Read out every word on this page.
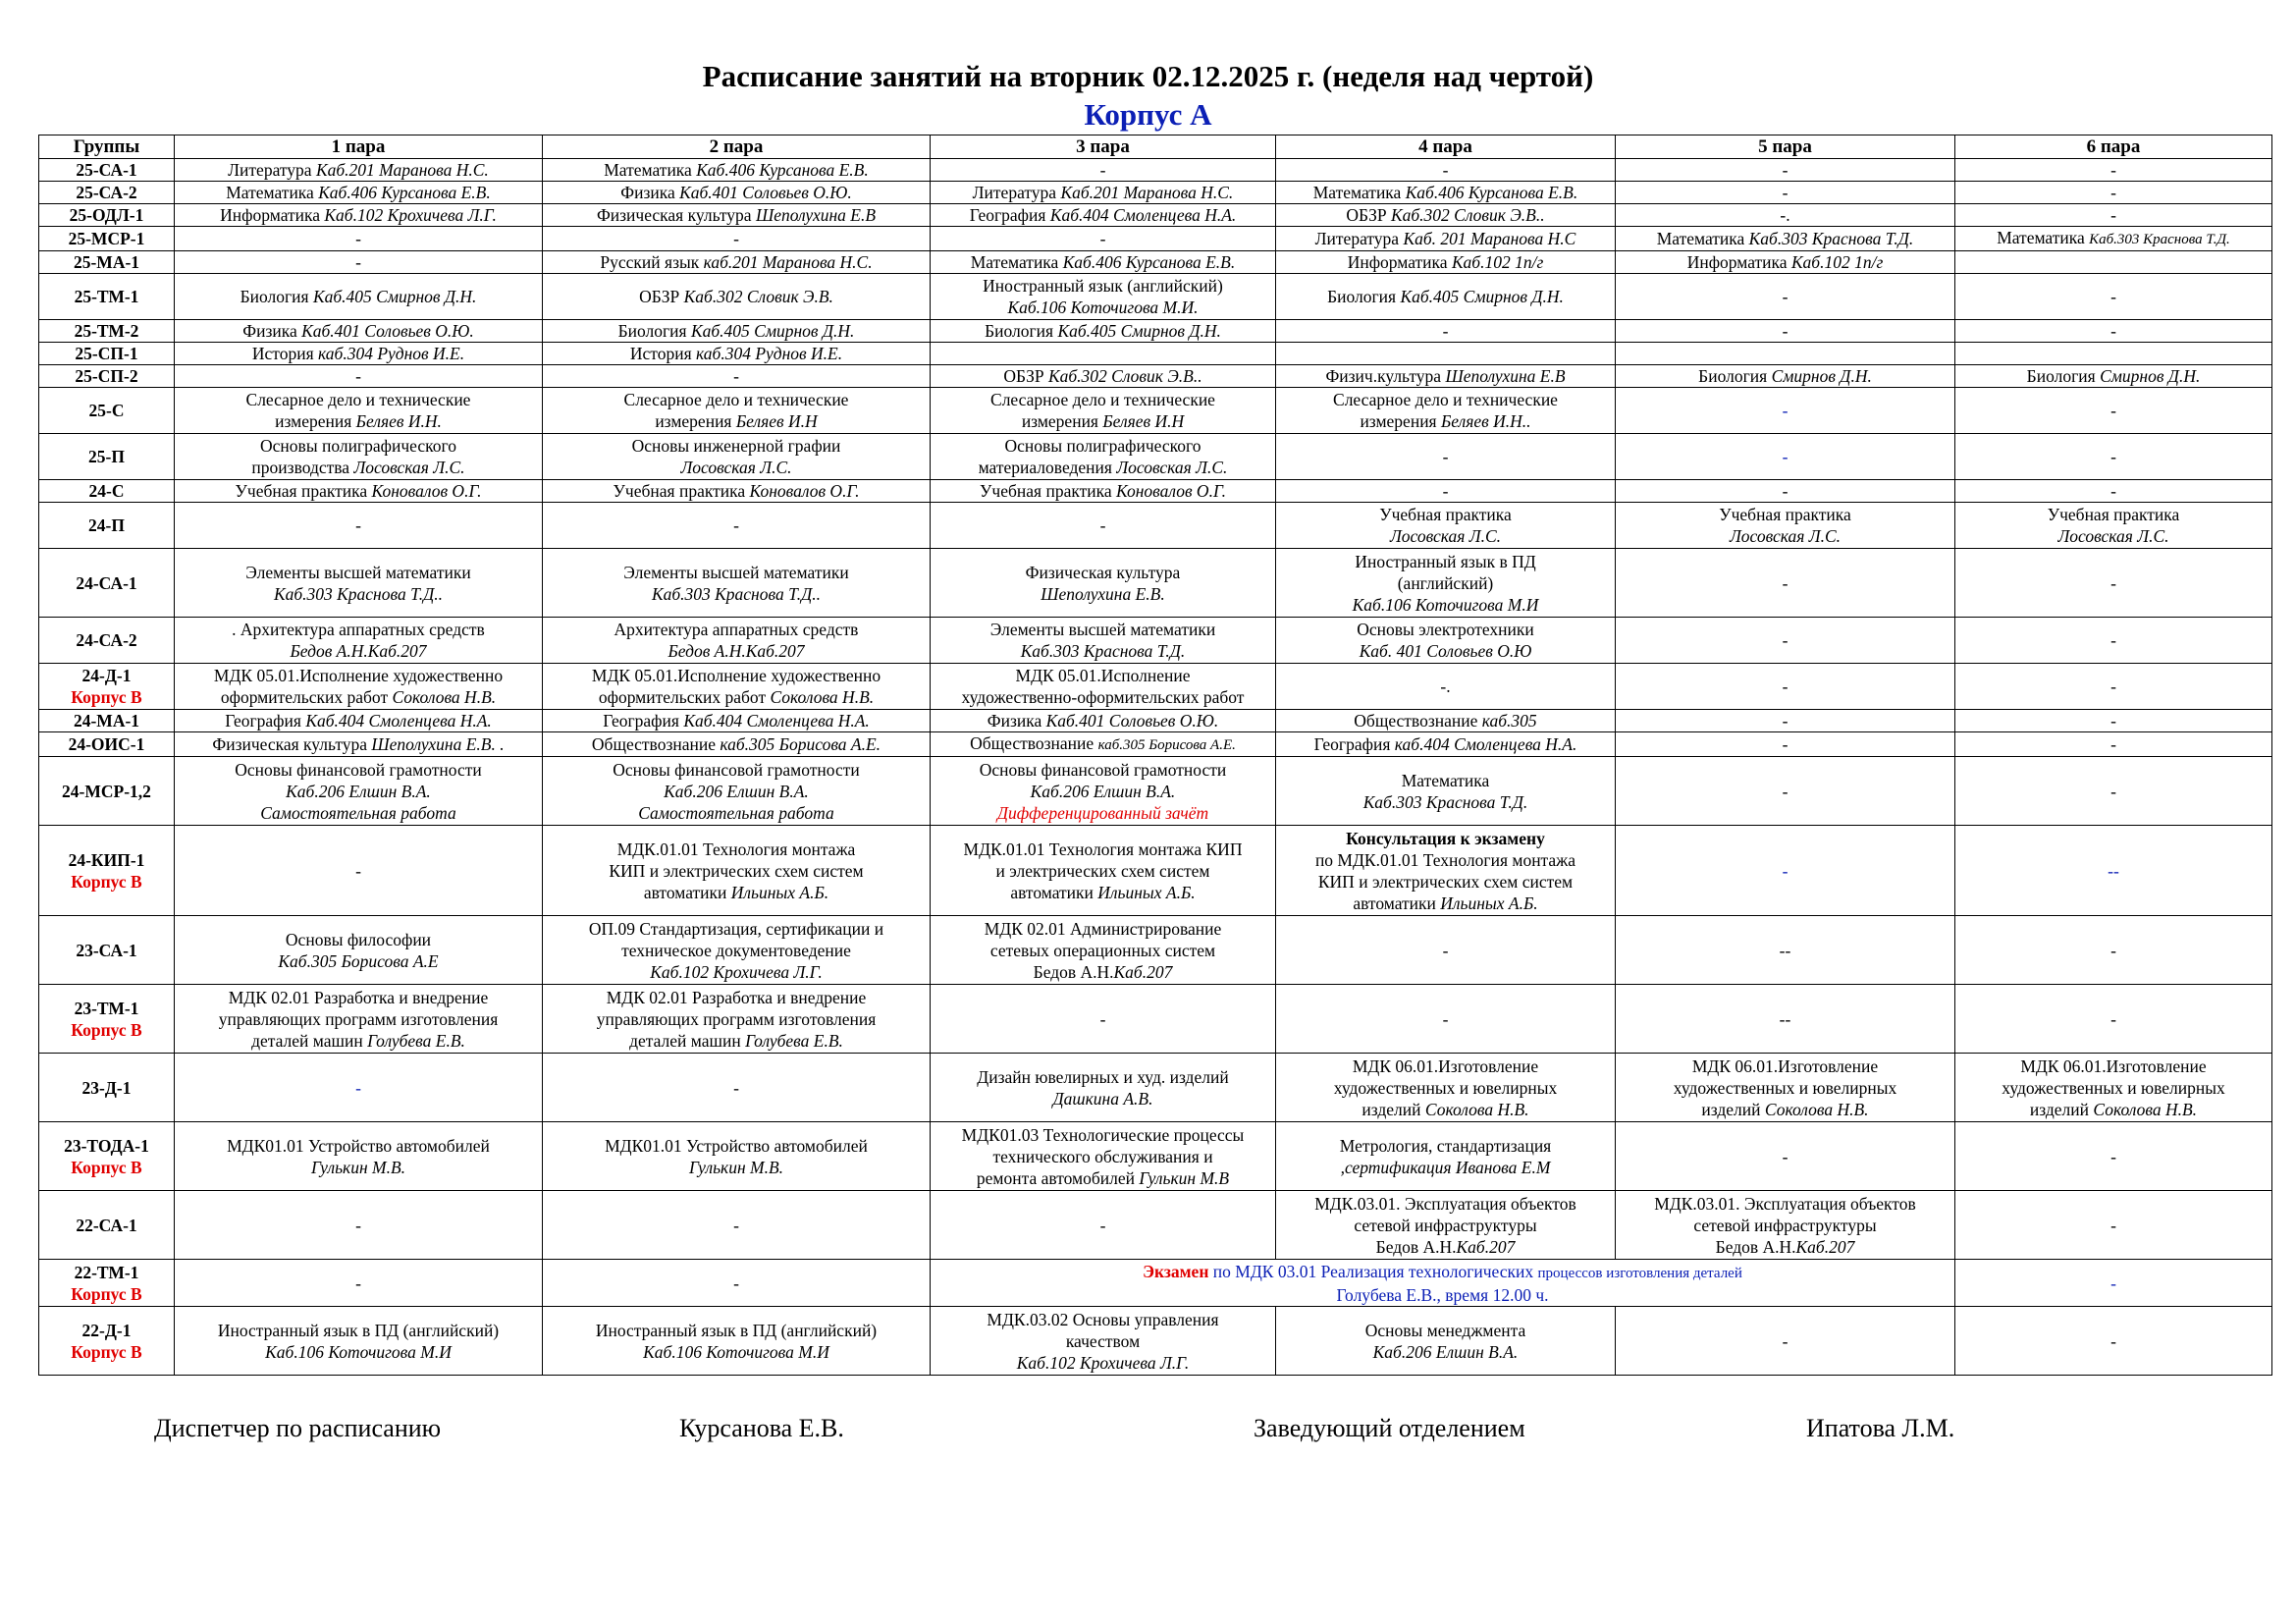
Расписание занятий на вторник 02.12.2025 г. (неделя над чертой)
Корпус А
Группы	1 пара	2 пара	3 пара	4 пара	5 пара	6 пара

25-СА-1	Литература Каб.201 Маранова Н.С.	Математика Каб.406 Курсанова Е.В.	-	-	-	-

25-СА-2	Математика Каб.406 Курсанова Е.В.	Физика Каб.401 Соловьев О.Ю.	Литература Каб.201 Маранова Н.С.	Математика Каб.406 Курсанова Е.В.	-	-

25-ОДЛ-1	Информатика Каб.102 Крохичева Л.Г.	Физическая культура Шеполухина Е.В	География Каб.404 Смоленцева Н.А.	ОБЗР Каб.302 Словик Э.В..	-.	-

25-МСР-1	-	-	-	Литература Каб. 201 Маранова Н.С	Математика Каб.303 Краснова Т.Д.	Математика Каб.303 Краснова Т.Д.

25-МА-1	-	Русский язык каб.201 Маранова Н.С.	Математика Каб.406 Курсанова Е.В.	Информатика Каб.102 1п/г	Информатика Каб.102 1п/г	

25-ТМ-1	Биология Каб.405 Смирнов Д.Н.	ОБЗР Каб.302 Словик Э.В.	Иностранный язык (английский)
Каб.106 Коточигова М.И.	Биология Каб.405 Смирнов Д.Н.	-	-

25-ТМ-2	Физика Каб.401 Соловьев О.Ю.	Биология Каб.405 Смирнов Д.Н.	Биология Каб.405 Смирнов Д.Н.	-	-	-

25-СП-1	История каб.304 Руднов И.Е.	История каб.304 Руднов И.Е.				

25-СП-2	-	-	ОБЗР Каб.302 Словик Э.В..	Физич.культура Шеполухина Е.В	Биология Смирнов Д.Н.	Биология Смирнов Д.Н.

25-С	Слесарное дело и технические
измерения Беляев И.Н.	Слесарное дело и технические
измерения Беляев И.Н	Слесарное дело и технические
измерения Беляев И.Н	Слесарное дело и технические
измерения Беляев И.Н..	-	-

25-П	Основы полиграфического
производства Лосовская Л.С.	Основы инженерной графии
Лосовская Л.С.	Основы полиграфического
материаловедения Лосовская Л.С.	-	-	-

24-С	Учебная практика Коновалов О.Г.	Учебная практика Коновалов О.Г.	Учебная практика Коновалов О.Г.	-	-	-

24-П	-	-	-	Учебная практика
Лосовская Л.С.	Учебная практика
Лосовская Л.С.	Учебная практика
Лосовская Л.С.

24-СА-1	Элементы высшей математики
Каб.303 Краснова Т.Д..	Элементы высшей математики
Каб.303 Краснова Т.Д..	Физическая культура
Шеполухина Е.В.	Иностранный язык в ПД
(английский)
Каб.106 Коточигова М.И	-	-

24-СА-2	. Архитектура аппаратных средств
Бедов А.Н.Каб.207	Архитектура аппаратных средств
Бедов А.Н.Каб.207	Элементы высшей математики
Каб.303 Краснова Т.Д.	Основы электротехники
Каб. 401 Соловьев О.Ю	-	-

24-Д-1
Корпус В	МДК 05.01.Исполнение художественно
оформительских работ Соколова Н.В.	МДК 05.01.Исполнение художественно
оформительских работ Соколова Н.В.	МДК 05.01.Исполнение
художественно-оформительских работ	-.	-	-

24-МА-1	География Каб.404 Смоленцева Н.А.	География Каб.404 Смоленцева Н.А.	Физика Каб.401 Соловьев О.Ю.	Обществознание каб.305	-	-

24-ОИС-1	Физическая культура Шеполухина Е.В. .	Обществознание каб.305 Борисова А.Е.	Обществознание каб.305 Борисова А.Е.	География каб.404 Смоленцева Н.А.	-	-

24-МСР-1,2	Основы финансовой грамотности
Каб.206 Елшин В.А.
Самостоятельная работа	Основы финансовой грамотности
Каб.206 Елшин В.А.
Самостоятельная работа	Основы финансовой грамотности
Каб.206 Елшин В.А.
Дифференцированный зачёт	Математика
Каб.303 Краснова Т.Д.	-	-

24-КИП-1
Корпус В	-	МДК.01.01 Технология монтажа
КИП и электрических схем систем
автоматики Ильиных А.Б.	МДК.01.01 Технология монтажа КИП
и электрических схем систем
автоматики Ильиных А.Б.	Консультация к экзамену
по МДК.01.01 Технология монтажа
КИП и электрических схем систем
автоматики Ильиных А.Б.	-	--

23-СА-1	Основы философии
Каб.305 Борисова А.Е	ОП.09 Стандартизация, сертификации и
техническое документоведение
Каб.102 Крохичева Л.Г.	МДК 02.01 Администрирование
сетевых операционных систем
Бедов А.Н.Каб.207	-	--	-

23-ТМ-1
Корпус В	МДК 02.01 Разработка и внедрение
управляющих программ изготовления
деталей машин Голубева Е.В.	МДК 02.01 Разработка и внедрение
управляющих программ изготовления
деталей машин Голубева Е.В.	-	-	--	-

23-Д-1	-	-	Дизайн ювелирных и худ. изделий
Дашкина А.В.	МДК 06.01.Изготовление
художественных и ювелирных
изделий Соколова Н.В.	МДК 06.01.Изготовление
художественных и ювелирных
изделий Соколова Н.В.	МДК 06.01.Изготовление
художественных и ювелирных
изделий Соколова Н.В.

23-ТОДА-1
Корпус В	МДК01.01 Устройство автомобилей
Гулькин М.В.	МДК01.01 Устройство автомобилей
Гулькин М.В.	МДК01.03 Технологические процессы
технического обслуживания и
ремонта автомобилей Гулькин М.В	Метрология, стандартизация
,сертификация Иванова Е.М	-	-

22-СА-1	-	-	-	МДК.03.01. Эксплуатация объектов
сетевой инфраструктуры
Бедов А.Н.Каб.207	МДК.03.01. Эксплуатация объектов
сетевой инфраструктуры
Бедов А.Н.Каб.207	-

22-ТМ-1
Корпус В	-	-	Экзамен по МДК 03.01 Реализация технологических процессов изготовления деталей
Голубева Е.В., время 12.00 ч.			-

22-Д-1
Корпус В	Иностранный язык в ПД (английский)
Каб.106 Коточигова М.И	Иностранный язык в ПД (английский)
Каб.106 Коточигова М.И	МДК.03.02 Основы управления
качеством
Каб.102 Крохичева Л.Г.	Основы менеджмента
Каб.206 Елшин В.А.	-	-
Диспетчер по расписанию	Курсанова Е.В.	Заведующий отделением	Ипатова Л.М.
